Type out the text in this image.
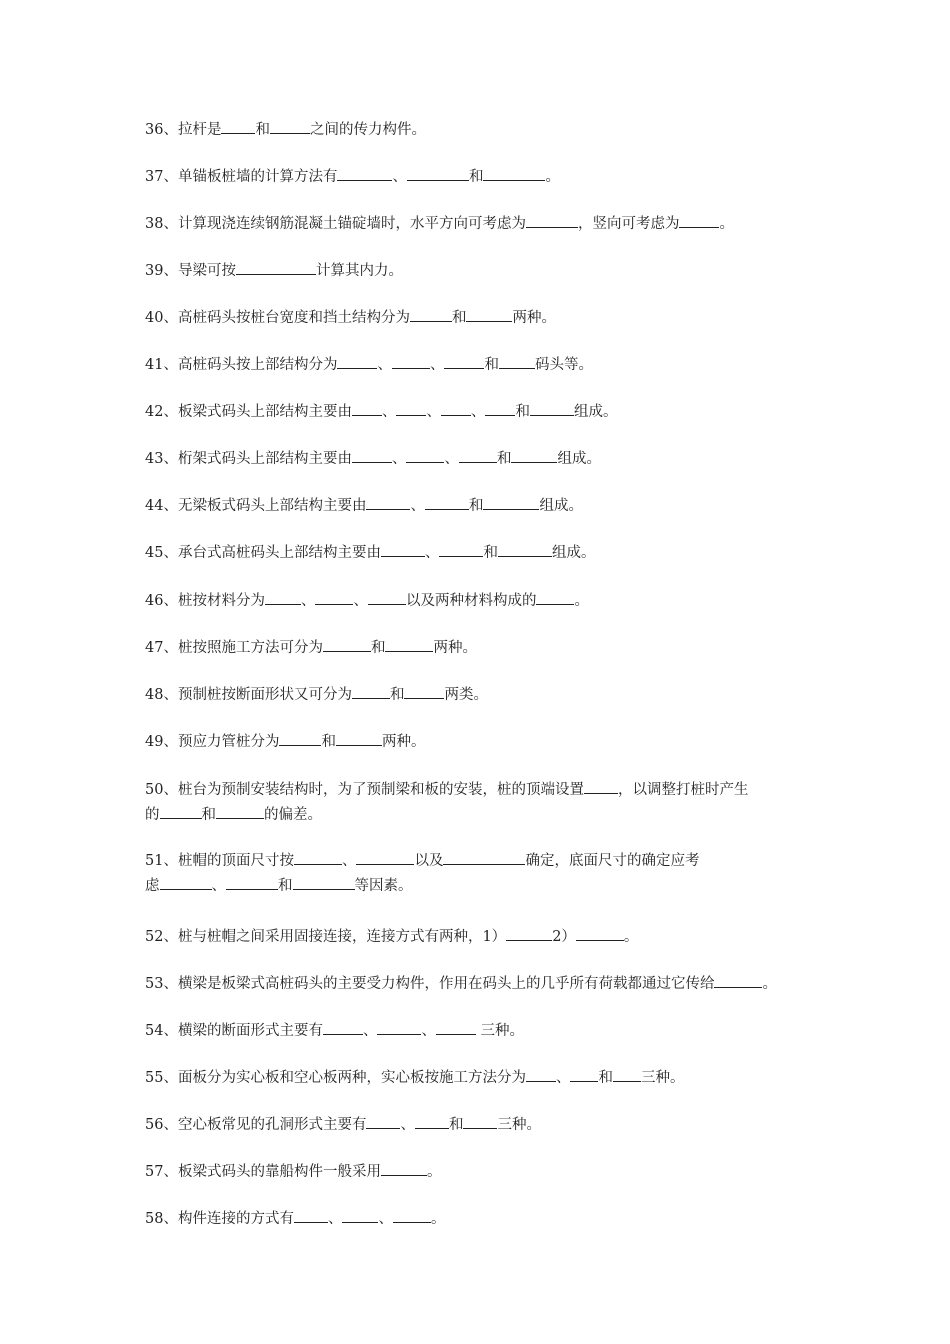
36、拉杆是 和	之间的传力构件。
37、单锚板桩墙的计算方法有	、	和	。
38、计算现浇连续钢筋混凝土锚碇墙时，水平方向可考虑为	，竖向可考虑为	。
39、导梁可按	计算其内力。
40、高桩码头按桩台宽度和挡土结构分为	和	两种。
41、高桩码头按上部结构分为	、	、	和 码头等。
42、板梁式码头上部结构主要由 、 、 、 和	组成。
43、桁架式码头上部结构主要由	、	、	和	组成。
44、无梁板式码头上部结构主要由	、	和	组成。
45、承台式高桩码头上部结构主要由	、	和	组成。
46、桩按材料分为 、	、	以及两种材料构成的	。
47、桩按照施工方法可分为	和	两种。
48、预制桩按断面形状又可分为	和	两类。
49、预应力管桩分为	和	两种。
50、桩台为预制安装结构时，为了预制梁和板的安装，桩的顶端设置 ，以调整打桩时产生
的	和	的偏差。
51、桩帽的顶面尺寸按	、	以及	确定，底面尺寸的确定应考
虑	、	和	等因素。
52、桩与桩帽之间采用固接连接，连接方式有两种，1）	2）	。
53、横梁是板梁式高桩码头的主要受力构件，作用在码头上的几乎所有荷载都通过它传给	。
54、横梁的断面形式主要有	、	、	三种。
55、面板分为实心板和空心板两种，实心板按施工方法分为 、 和 三种。
56、空心板常见的孔洞形式主要有 、 和 三种。
57、板梁式码头的靠船构件一般采用	。
58、构件连接的方式有 、 、	。
